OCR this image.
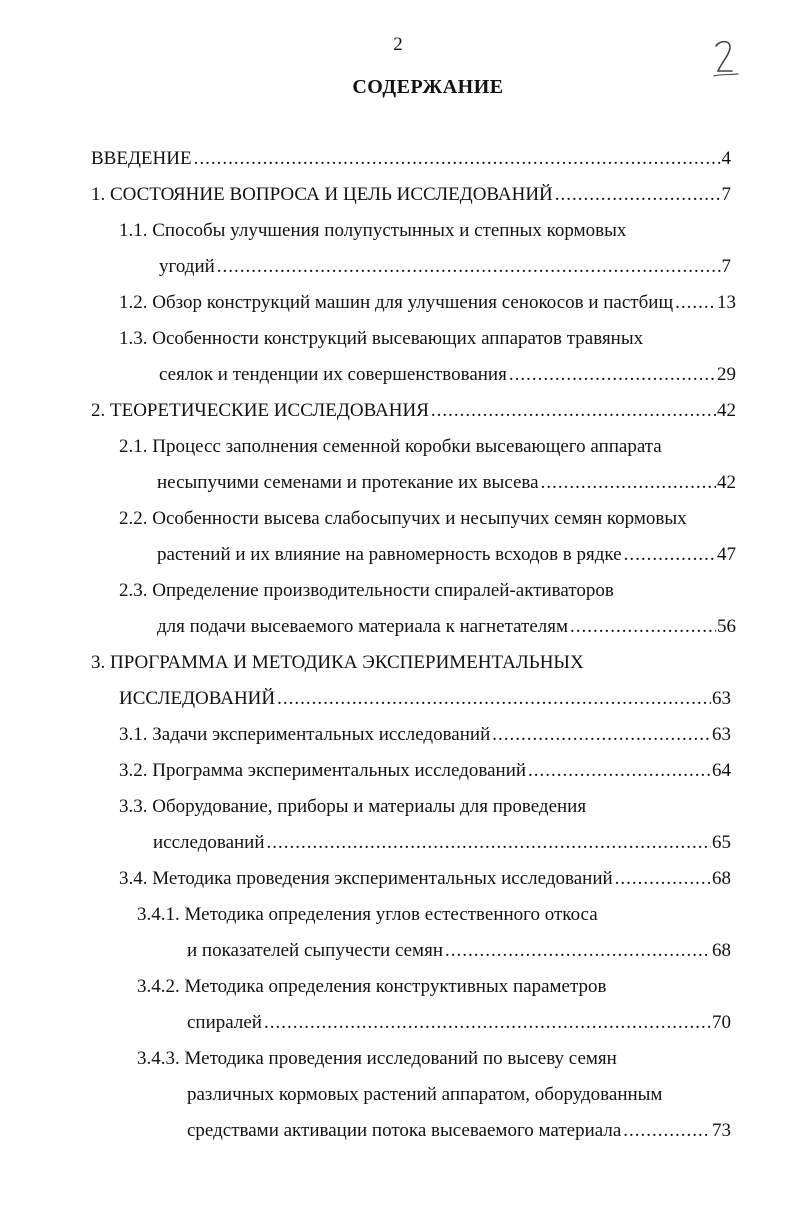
2
СОДЕРЖАНИЕ
ВВЕДЕНИЕ .....	4
1. СОСТОЯНИЕ ВОПРОСА И ЦЕЛЬ ИССЛЕДОВАНИЙ .....	7
1.1. Способы улучшения полупустынных и степных кормовых
угодий .....	7
1.2. Обзор конструкций машин для улучшения сенокосов и пастбищ ..... 13
1.3. Особенности конструкций высевающих аппаратов травяных
сеялок и тенденции их совершенствования .....	29
2. ТЕОРЕТИЧЕСКИЕ ИССЛЕДОВАНИЯ .....	42
2.1. Процесс заполнения семенной коробки высевающего аппарата
несыпучими семенами и протекание их высева .....	42
2.2. Особенности высева слабосыпучих и несыпучих семян кормовых
растений и их влияние на равномерность всходов в рядке .....	47
2.3. Определение производительности спиралей-активаторов
для подачи высеваемого материала к нагнетателям .....	56
3. ПРОГРАММА И МЕТОДИКА ЭКСПЕРИМЕНТАЛЬНЫХ
ИССЛЕДОВАНИЙ .....	63
3.1. Задачи экспериментальных исследований .....	63
3.2. Программа экспериментальных исследований .....	64
3.3. Оборудование, приборы и материалы для проведения
исследований .....	65
3.4. Методика проведения экспериментальных исследований .....	68
3.4.1. Методика определения углов естественного откоса
и показателей сыпучести семян .....	68
3.4.2. Методика определения конструктивных параметров
спиралей .....	70
3.4.3. Методика проведения исследований по высеву семян
различных кормовых растений аппаратом, оборудованным
средствами активации потока высеваемого материала .....	73
